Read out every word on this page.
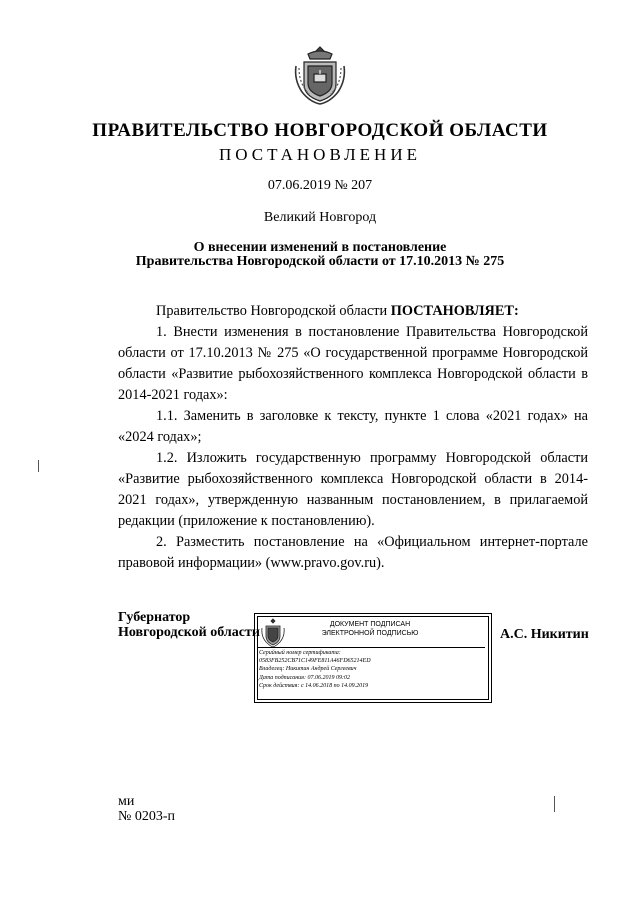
ПРАВИТЕЛЬСТВО НОВГОРОДСКОЙ ОБЛАСТИ
ПОСТАНОВЛЕНИЕ
07.06.2019 № 207
Великий Новгород
О внесении изменений в постановление
Правительства Новгородской области от 17.10.2013 № 275

Правительство Новгородской области ПОСТАНОВЛЯЕТ:

1. Внести изменения в постановление Правительства Новгородской области от 17.10.2013 № 275 «О государственной программе Новгородской области «Развитие рыбохозяйственного комплекса Новгородской области в 2014-2021 годах»:

1.1. Заменить в заголовке к тексту, пункте 1 слова «2021 годах» на «2024 годах»;

1.2. Изложить государственную программу Новгородской области «Развитие рыбохозяйственного комплекса Новгородской области в 2014-2021 годах», утвержденную названным постановлением, в прилагаемой редакции (приложение к постановлению).

2. Разместить постановление на «Официальном интернет-портале правовой информации» (www.pravo.gov.ru).

Губернатор
Новгородской области
ДОКУМЕНТ ПОДПИСАН
ЭЛЕКТРОННОЙ ПОДПИСЬЮ
Серийный номер сертификата:
0583FB252CB71C149FE811A46FD65214ED
Владелец: Никитин Андрей Сергеевич
Дата подписания: 07.06.2019 09:02
Срок действия: с 14.06.2018 по 14.09.2019
А.С. Никитин
ми
№ 0203-п
